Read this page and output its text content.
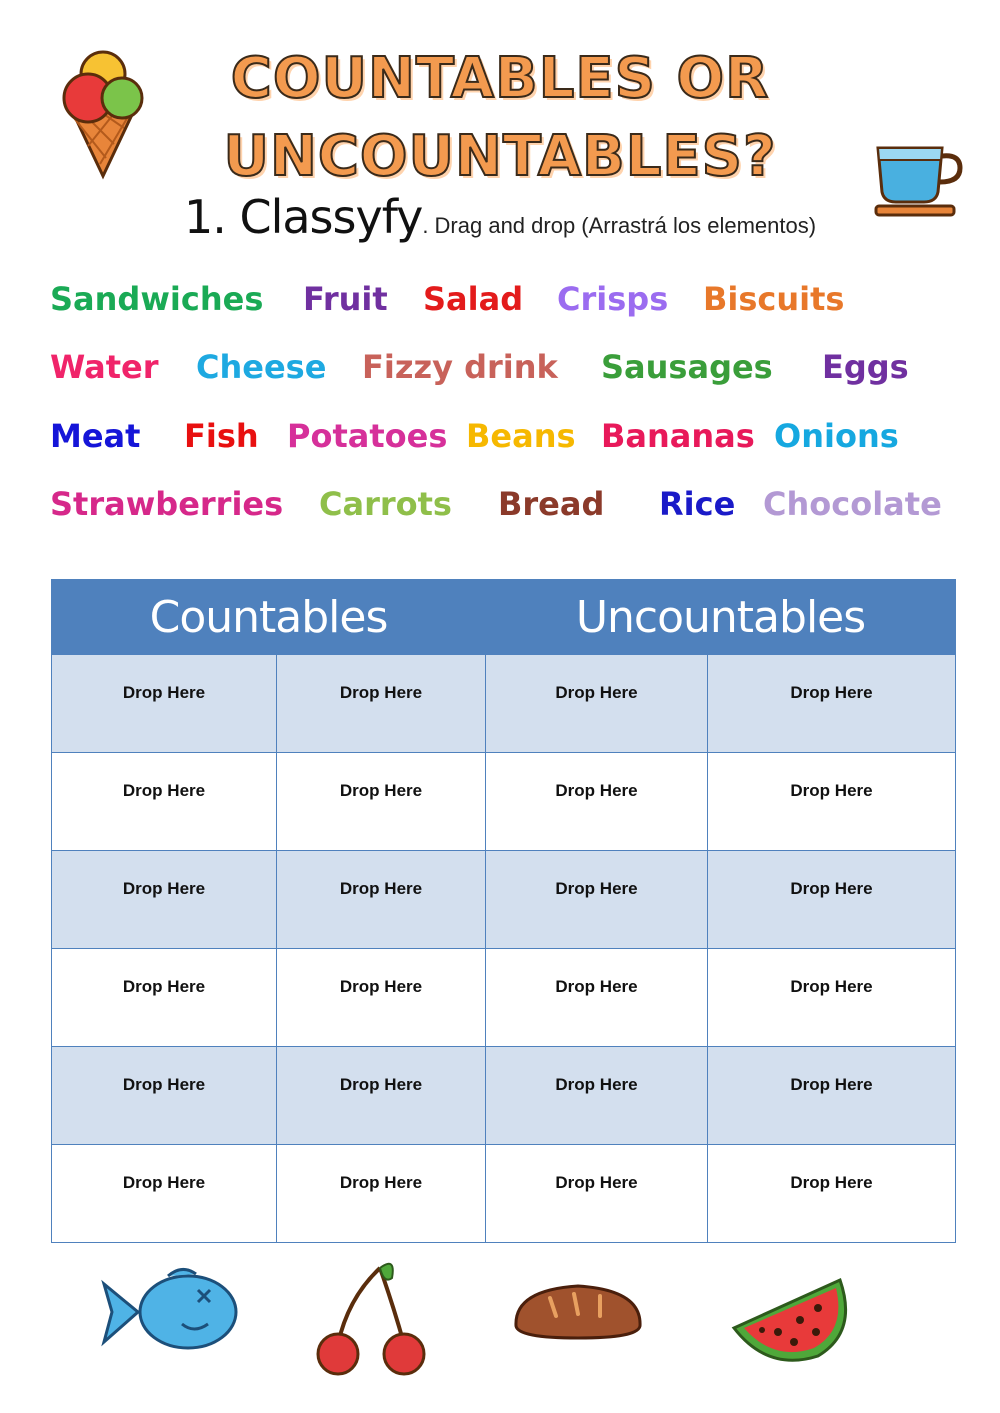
COUNTABLES OR
UNCOUNTABLES?
1. Classyfy. Drag and drop (Arrastrá los elementos)
Sandwiches Fruit Salad Crisps Biscuits
Water Cheese Fizzy drink Sausages Eggs
Meat Fish Potatoes Beans Bananas Onions
Strawberries Carrots Bread Rice Chocolate
Countables		Uncountables	
Drop Here	Drop Here	Drop Here	Drop Here
Drop Here	Drop Here	Drop Here	Drop Here
Drop Here	Drop Here	Drop Here	Drop Here
Drop Here	Drop Here	Drop Here	Drop Here
Drop Here	Drop Here	Drop Here	Drop Here
Drop Here	Drop Here	Drop Here	Drop Here
